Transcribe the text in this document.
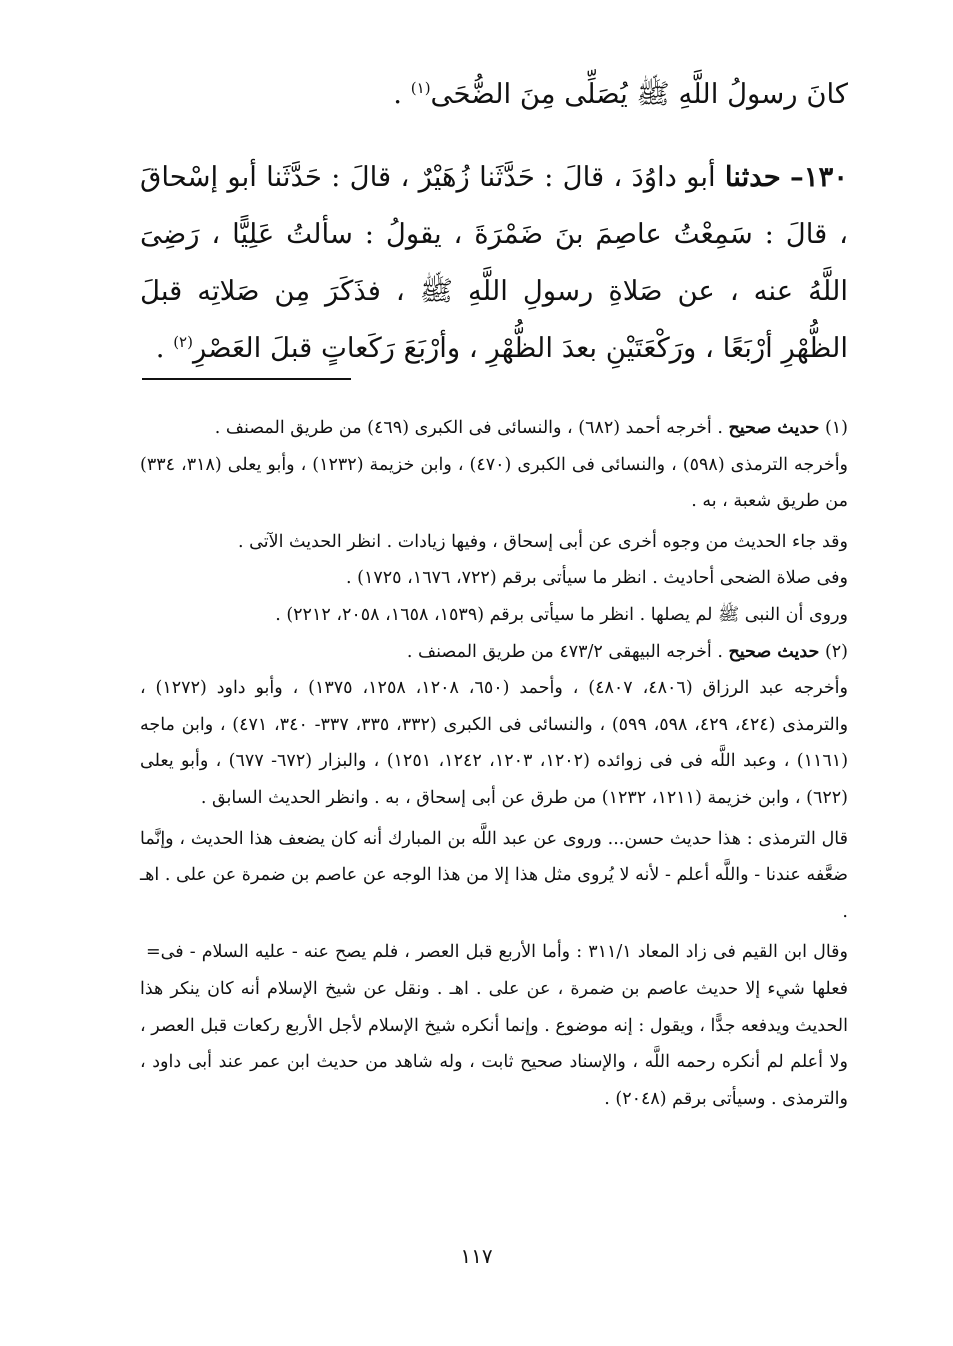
كانَ رسولُ اللَّهِ ﷺ يُصَلِّى مِنَ الضُّحَى$^{(١)}$ .

١٣٠– حدثنا أبو داوُدَ ، قالَ : حَدَّثَنا زُهَيْرٌ ، قالَ : حَدَّثَنا أبو إسْحاقَ ، قالَ : سَمِعْتُ عاصِمَ بنَ ضَمْرَةَ ، يقولُ : سألتُ عَلِيًّا ، رَضِىَ اللَّهُ عنه ، عن صَلاةِ رسولِ اللَّهِ ﷺ ، فذَكَرَ مِن صَلاتِه قبلَ الظُّهْرِ أرْبَعًا ، ورَكْعَتَيْنِ بعدَ الظُّهْرِ ، وأرْبَعَ رَكَعاتٍ قبلَ العَصْرِ$^{(٢)}$ .

(١) حديث صحيح . أخرجه أحمد (٦٨٢) ، والنسائى فى الكبرى (٤٦٩) من طريق المصنف .

وأخرجه الترمذى (٥٩٨) ، والنسائى فى الكبرى (٤٧٠) ، وابن خزيمة (١٢٣٢) ، وأبو يعلى (٣١٨، ٣٣٤) من طريق شعبة ، به .

وقد جاء الحديث من وجوه أخرى عن أبى إسحاق ، وفيها زيادات . انظر الحديث الآتى .

وفى صلاة الضحى أحاديث . انظر ما سيأتى برقم (٧٢٢، ١٦٧٦، ١٧٢٥) .

وروى أن النبى ﷺ لم يصلها . انظر ما سيأتى برقم (١٥٣٩، ١٦٥٨، ٢٠٥٨، ٢٢١٢) .

(٢) حديث صحيح . أخرجه البيهقى ٤٧٣/٢ من طريق المصنف .

وأخرجه عبد الرزاق (٤٨٠٦، ٤٨٠٧) ، وأحمد (٦٥٠، ١٢٠٨، ١٢٥٨، ١٣٧٥) ، وأبو داود (١٢٧٢) ، والترمذى (٤٢٤، ٤٢٩، ٥٩٨، ٥٩٩) ، والنسائى فى الكبرى (٣٣٢، ٣٣٥، ٣٣٧- ٣٤٠، ٤٧١) ، وابن ماجه (١١٦١) ، وعبد اللَّه فى فى زوائده (١٢٠٢، ١٢٠٣، ١٢٤٢، ١٢٥١) ، والبزار (٦٧٢- ٦٧٧) ، وأبو يعلى (٦٢٢) ، وابن خزيمة (١٢١١، ١٢٣٢) من طرق عن أبى إسحاق ، به . وانظر الحديث السابق .

قال الترمذى : هذا حديث حسن... وروى عن عبد اللَّه بن المبارك أنه كان يضعف هذا الحديث ، وإنَّما ضعَّفه عندنا - واللَّه أعلم - لأنه لا يُروى مثل هذا إلا من هذا الوجه عن عاصم بن ضمرة عن على . اهـ .

= وقال ابن القيم فى زاد المعاد ٣١١/١ : وأما الأربع قبل العصر ، فلم يصح عنه - عليه السلام - فى فعلها شيء إلا حديث عاصم بن ضمرة ، عن على . اهـ . ونقل عن شيخ الإسلام أنه كان ينكر هذا الحديث ويدفعه جدًّا ، ويقول : إنه موضوع . وإنما أنكره شيخ الإسلام لأجل الأربع ركعات قبل العصر ، ولا أعلم لم أنكره رحمه اللَّه ، والإسناد صحيح ثابت ، وله شاهد من حديث ابن عمر عند أبى داود ، والترمذى . وسيأتى برقم (٢٠٤٨) .

١١٧
